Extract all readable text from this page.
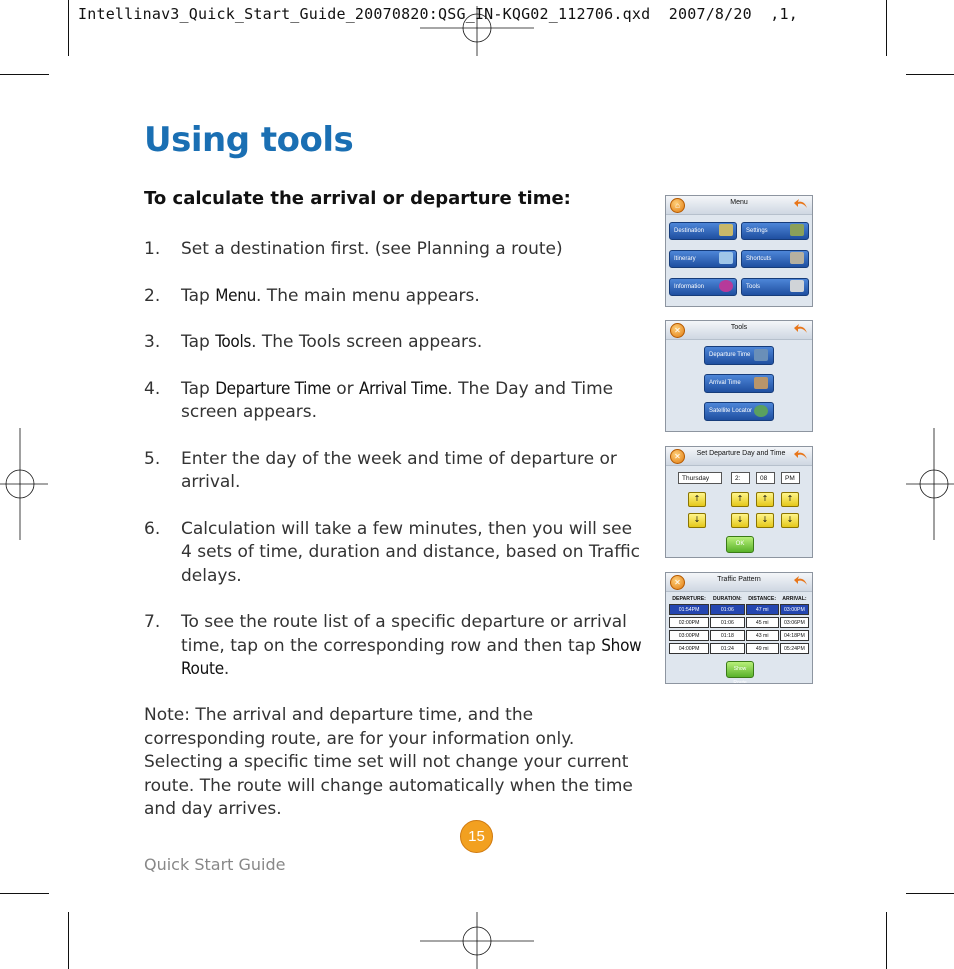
Intellinav3_Quick_Start_Guide_20070820:QSG_IN-KQG02_112706.qxd  2007/8/20  ,1,
Using tools
To calculate the arrival or departure time:
1. Set a destination first. (see Planning a route)
2. Tap Menu. The main menu appears.
3. Tap Tools. The Tools screen appears.
4. Tap Departure Time or Arrival Time. The Day and Time screen appears.
5. Enter the day of the week and time of departure or arrival.
6. Calculation will take a few minutes, then you will see 4 sets of time, duration and distance, based on Traffic delays.
7. To see the route list of a specific departure or arrival time, tap on the corresponding row and then tap Show Route.

Note: The arrival and departure time, and the corresponding route, are for your information only. Selecting a specific time set will not change your current route. The route will change automatically when the time and day arrives.

15
Quick Start Guide
⌂	Menu
Destination	Settings
Itinerary	Shortcuts
Information	Tools
✕	Tools
Departure Time
Arrival Time
Satellite Locator
✕	Set Departure Day and Time
Thursday	2:	08	PM
↑	↑	↑	↑
↓	↓	↓	↓
OK
✕	Traffic Pattern
DEPARTURE:	DURATION:	DISTANCE:	ARRIVAL:
01:54PM	01:06	47 mi	03:00PM
02:00PM	01:06	45 mi	03:06PM
03:00PM	01:18	43 mi	04:18PM
04:00PM	01:24	49 mi	05:24PM
Show Route
